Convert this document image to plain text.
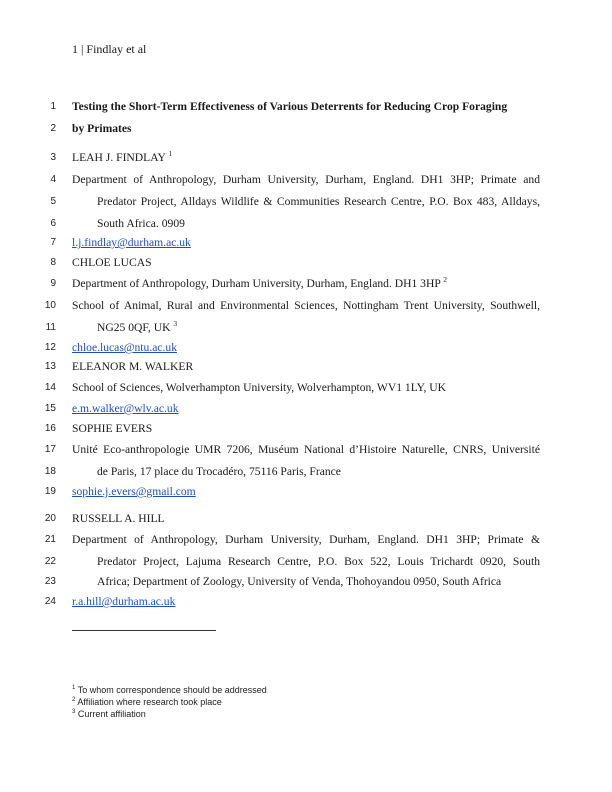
1 | Findlay et al
1 Testing the Short-Term Effectiveness of Various Deterrents for Reducing Crop Foraging
2 by Primates
3 LEAH J. FINDLAY $^1$
4 Department of Anthropology, Durham University, Durham, England. DH1 3HP; Primate and
5	Predator Project, Alldays Wildlife & Communities Research Centre, P.O. Box 483, Alldays,
6	South Africa. 0909
7 l.j.findlay@durham.ac.uk
8 CHLOE LUCAS
9 Department of Anthropology, Durham University, Durham, England. DH1 3HP $^2$
10 School of Animal, Rural and Environmental Sciences, Nottingham Trent University, Southwell,
11	NG25 0QF, UK $^3$
12 chloe.lucas@ntu.ac.uk
13 ELEANOR M. WALKER
14 School of Sciences, Wolverhampton University, Wolverhampton, WV1 1LY, UK
15 e.m.walker@wlv.ac.uk
16 SOPHIE EVERS
17 Unité Eco-anthropologie UMR 7206, Muséum National d’Histoire Naturelle, CNRS, Université
18	de Paris, 17 place du Trocadéro, 75116 Paris, France
19 sophie.j.evers@gmail.com
20 RUSSELL A. HILL
21 Department of Anthropology, Durham University, Durham, England. DH1 3HP; Primate &
22	Predator Project, Lajuma Research Centre, P.O. Box 522, Louis Trichardt 0920, South
23	Africa; Department of Zoology, University of Venda, Thohoyandou 0950, South Africa
24 r.a.hill@durham.ac.uk
$^1$ To whom correspondence should be addressed
$^2$ Affiliation where research took place
$^3$ Current affiliation
